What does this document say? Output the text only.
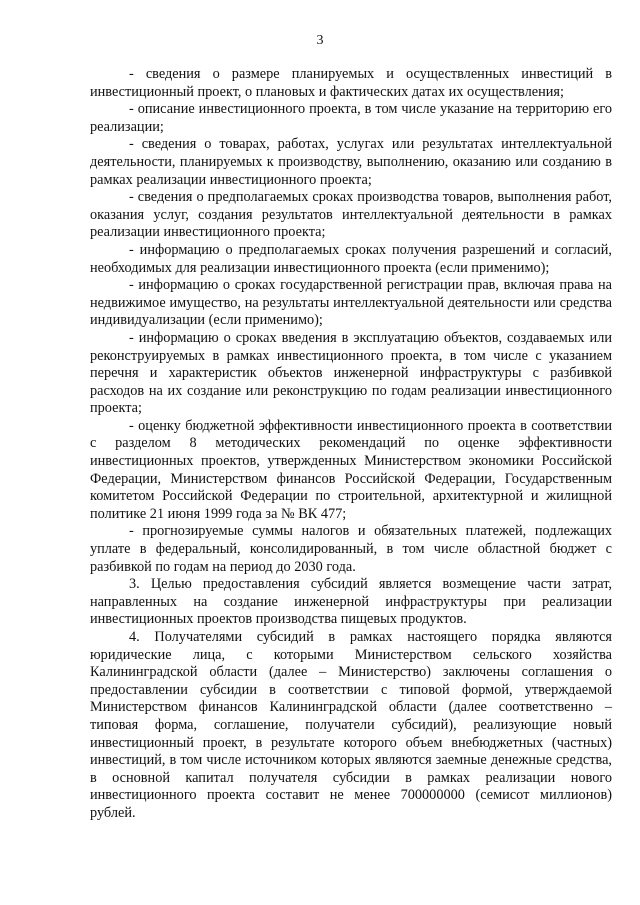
3

- сведения о размере планируемых и осуществленных инвестиций в инвестиционный проект, о плановых и фактических датах их осуществления;

- описание инвестиционного проекта, в том числе указание на территорию его реализации;

- сведения о товарах, работах, услугах или результатах интеллектуальной деятельности, планируемых к производству, выполнению, оказанию или созданию в рамках реализации инвестиционного проекта;

- сведения о предполагаемых сроках производства товаров, выполнения работ, оказания услуг, создания результатов интеллектуальной деятельности в рамках реализации инвестиционного проекта;

- информацию о предполагаемых сроках получения разрешений и согласий, необходимых для реализации инвестиционного проекта (если применимо);

- информацию о сроках государственной регистрации прав, включая права на недвижимое имущество, на результаты интеллектуальной деятельности или средства индивидуализации (если применимо);

- информацию о сроках введения в эксплуатацию объектов, создаваемых или реконструируемых в рамках инвестиционного проекта, в том числе с указанием перечня и характеристик объектов инженерной инфраструктуры с разбивкой расходов на их создание или реконструкцию по годам реализации инвестиционного проекта;

- оценку бюджетной эффективности инвестиционного проекта в соответствии с разделом 8 методических рекомендаций по оценке эффективности инвестиционных проектов, утвержденных Министерством экономики Российской Федерации, Министерством финансов Российской Федерации, Государственным комитетом Российской Федерации по строительной, архитектурной и жилищной политике 21 июня 1999 года за № ВК 477;

- прогнозируемые суммы налогов и обязательных платежей, подлежащих уплате в федеральный, консолидированный, в том числе областной бюджет с разбивкой по годам на период до 2030 года.

3. Целью предоставления субсидий является возмещение части затрат, направленных на создание инженерной инфраструктуры при реализации инвестиционных проектов производства пищевых продуктов.

4. Получателями субсидий в рамках настоящего порядка являются юридические лица, с которыми Министерством сельского хозяйства Калининградской области (далее – Министерство) заключены соглашения о предоставлении субсидии в соответствии с типовой формой, утверждаемой Министерством финансов Калининградской области (далее соответственно – типовая форма, соглашение, получатели субсидий), реализующие новый инвестиционный проект, в результате которого объем внебюджетных (частных) инвестиций, в том числе источником которых являются заемные денежные средства, в основной капитал получателя субсидии в рамках реализации нового инвестиционного проекта составит не менее 700000000 (семисот миллионов) рублей.
